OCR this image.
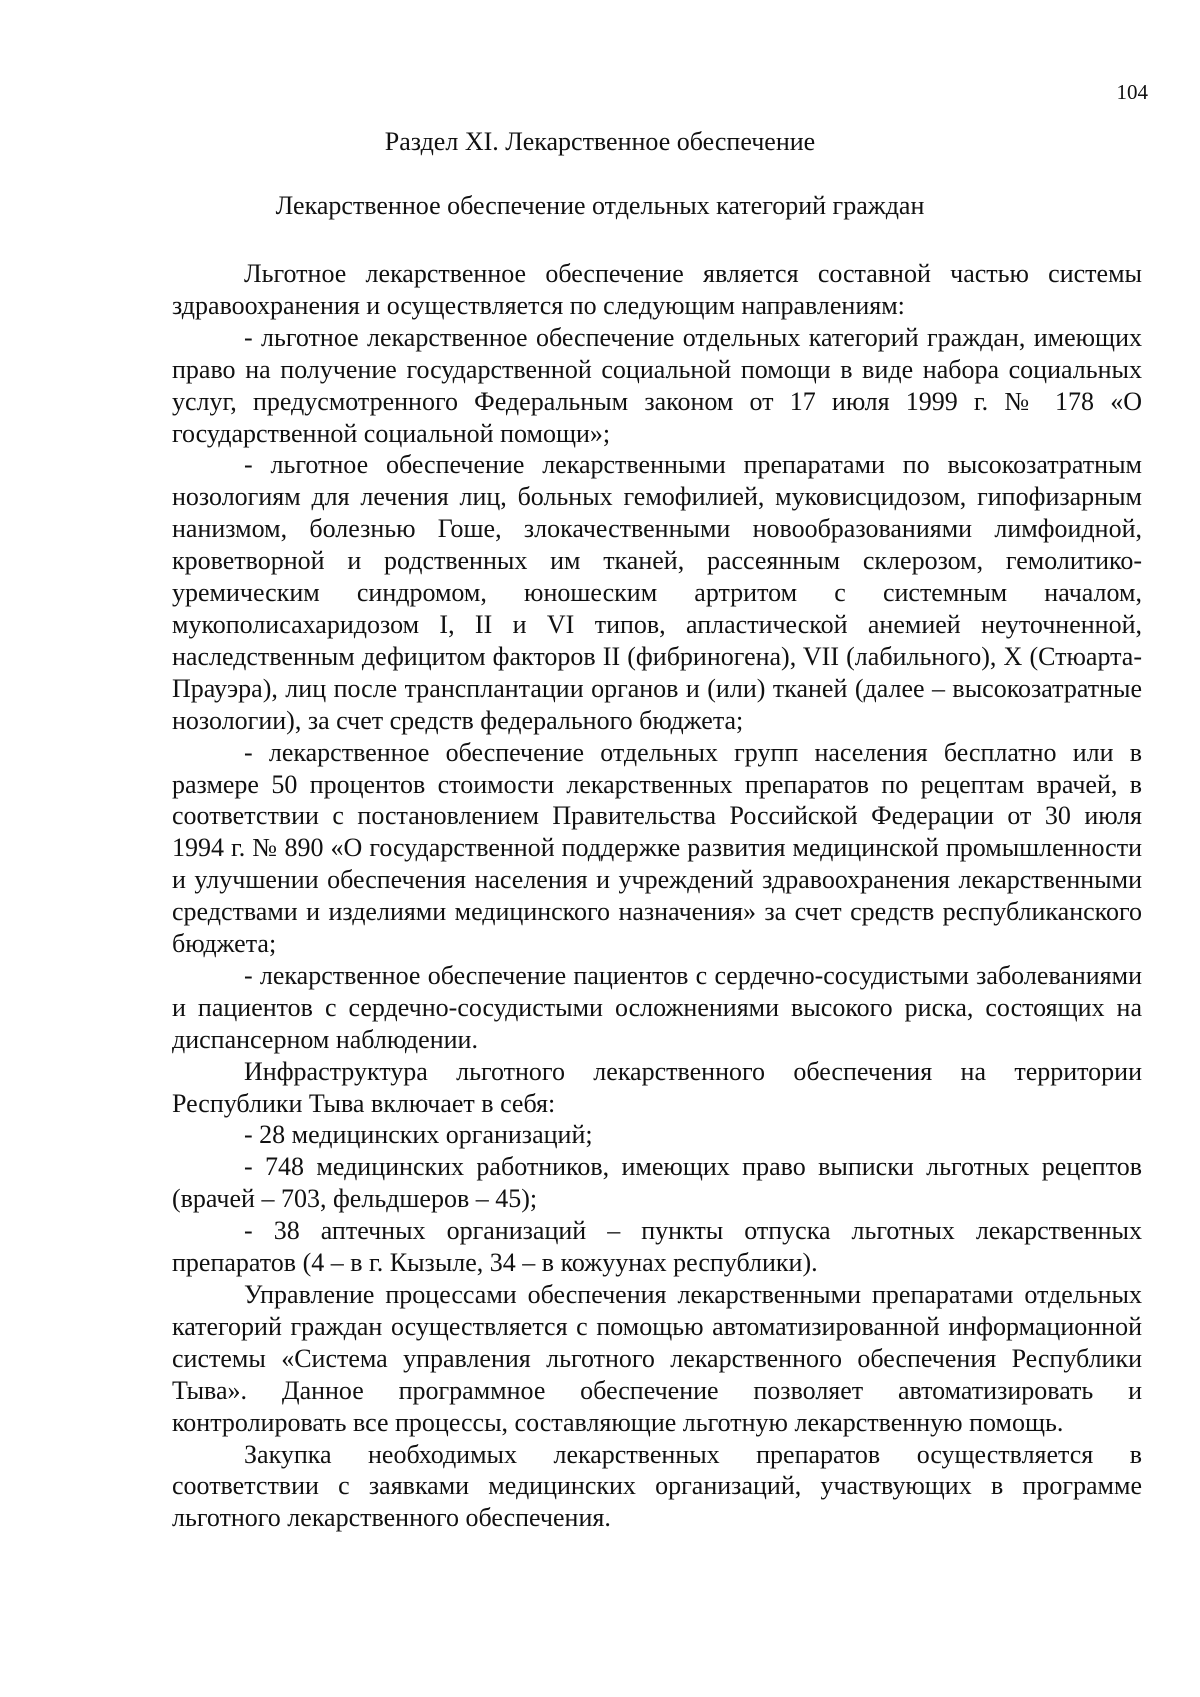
104
Раздел XI. Лекарственное обеспечение
Лекарственное обеспечение отдельных категорий граждан

Льготное лекарственное обеспечение является составной частью системы здравоохранения и осуществляется по следующим направлениям:

- льготное лекарственное обеспечение отдельных категорий граждан, имеющих право на получение государственной социальной помощи в виде набора социальных услуг, предусмотренного Федеральным законом от 17 июля 1999 г. № 178 «О государственной социальной помощи»;

- льготное обеспечение лекарственными препаратами по высокозатратным нозологиям для лечения лиц, больных гемофилией, муковисцидозом, гипофизарным нанизмом, болезнью Гоше, злокачественными новообразованиями лимфоидной, кроветворной и родственных им тканей, рассеянным склерозом, гемолитико-уремическим синдромом, юношеским артритом с системным началом, мукополисахаридозом I, II и VI типов, апластической анемией неуточненной, наследственным дефицитом факторов II (фибриногена), VII (лабильного), X (Стюарта-Прауэра), лиц после трансплантации органов и (или) тканей (далее – высокозатратные нозологии), за счет средств федерального бюджета;

- лекарственное обеспечение отдельных групп населения бесплатно или в размере 50 процентов стоимости лекарственных препаратов по рецептам врачей, в соответствии с постановлением Правительства Российской Федерации от 30 июля 1994 г. № 890 «О государственной поддержке развития медицинской промышленности и улучшении обеспечения населения и учреждений здравоохранения лекарственными средствами и изделиями медицинского назначения» за счет средств республиканского бюджета;

- лекарственное обеспечение пациентов с сердечно-сосудистыми заболеваниями и пациентов с сердечно-сосудистыми осложнениями высокого риска, состоящих на диспансерном наблюдении.

Инфраструктура льготного лекарственного обеспечения на территории Республики Тыва включает в себя:

- 28 медицинских организаций;

- 748 медицинских работников, имеющих право выписки льготных рецептов (врачей – 703, фельдшеров – 45);

- 38 аптечных организаций – пункты отпуска льготных лекарственных препаратов (4 – в г. Кызыле, 34 – в кожуунах республики).

Управление процессами обеспечения лекарственными препаратами отдельных категорий граждан осуществляется с помощью автоматизированной информационной системы «Система управления льготного лекарственного обеспечения Республики Тыва». Данное программное обеспечение позволяет автоматизировать и контролировать все процессы, составляющие льготную лекарственную помощь.

Закупка необходимых лекарственных препаратов осуществляется в соответствии с заявками медицинских организаций, участвующих в программе льготного лекарственного обеспечения.
